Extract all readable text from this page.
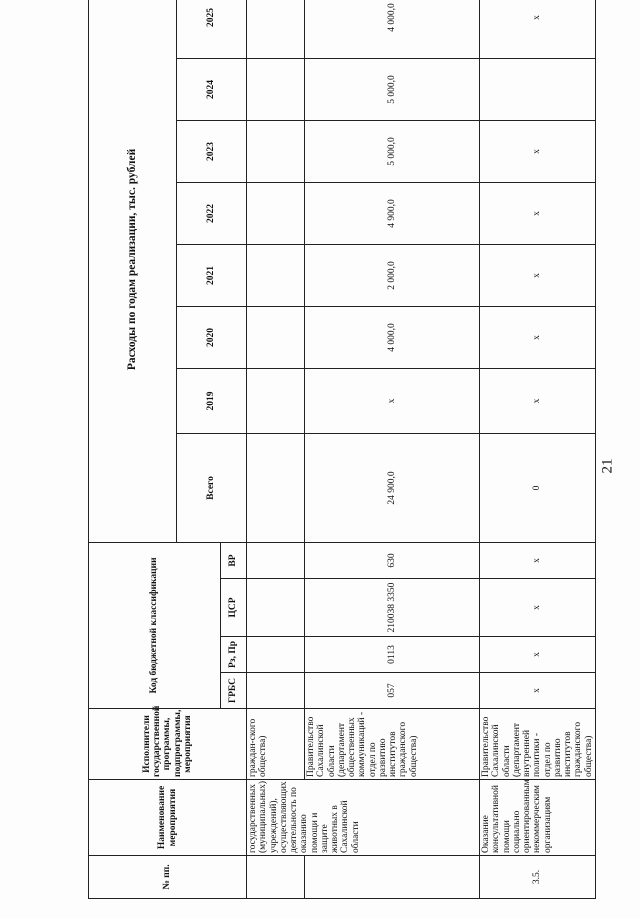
21
№ пп.	Наименование мероприятия	Исполнители государственной программы, подпрограммы, мероприятия	Код бюджетной классификации				Расходы по годам реализации, тыс. рублей							
							Всего	2019	2020	2021	2022	2023	2024	2025
			ГРБС	Рз, Пр	ЦСР	ВР								
	государственных (муниципальных) учреждений), осуществляющих деятельность по оказанию помощи и защите животных в Сахалинской области	граждан-ского общества)												
		Правительство Сахалинской области (департамент общественных коммуникаций - отдел по развитию институтов гражданского общества)	057	0113	210038 3350	630	24 900,0	x	4 000,0	2 000,0	4 900,0	5 000,0	5 000,0	4 000,0
3.5.	Оказание консультативной помощи социально ориентированным некоммерческим организациям	Правительство Сахалинской области (департамент внутренней политики - отдел по развитию институтов гражданского общества)	x	x	x	x	0	x	x	x	x	x		x
